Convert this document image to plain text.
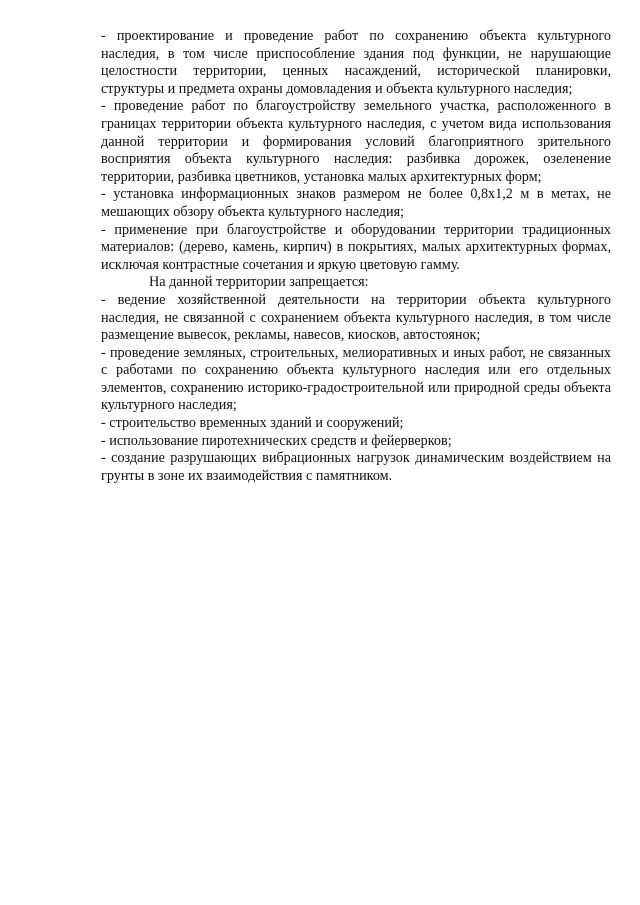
- проектирование и проведение работ по сохранению объекта культурного наследия, в том числе приспособление здания под функции, не нарушающие целостности территории, ценных насаждений, исторической планировки, структуры и предмета охраны домовладения и объекта культурного наследия;

- проведение работ по благоустройству земельного участка, расположенного в границах территории объекта культурного наследия, с учетом вида использования данной территории и формирования условий благоприятного зрительного восприятия объекта культурного наследия: разбивка дорожек, озеленение территории, разбивка цветников, установка малых архитектурных форм;

- установка информационных знаков размером не более 0,8х1,2 м в метах, не мешающих обзору объекта культурного наследия;

- применение при благоустройстве и оборудовании территории традиционных материалов: (дерево, камень, кирпич) в покрытиях, малых архитектурных формах, исключая контрастные сочетания и яркую цветовую гамму.

На данной территории запрещается:

- ведение хозяйственной деятельности на территории объекта культурного наследия, не связанной с сохранением объекта культурного наследия, в том числе размещение вывесок, рекламы, навесов, киосков, автостоянок;

- проведение земляных, строительных, мелиоративных и иных работ, не связанных с работами по сохранению объекта культурного наследия или его отдельных элементов, сохранению историко-градостроительной или природной среды объекта культурного наследия;

- строительство временных зданий и сооружений;

- использование пиротехнических средств и фейерверков;

- создание разрушающих вибрационных нагрузок динамическим воздействием на грунты в зоне их взаимодействия с памятником.
